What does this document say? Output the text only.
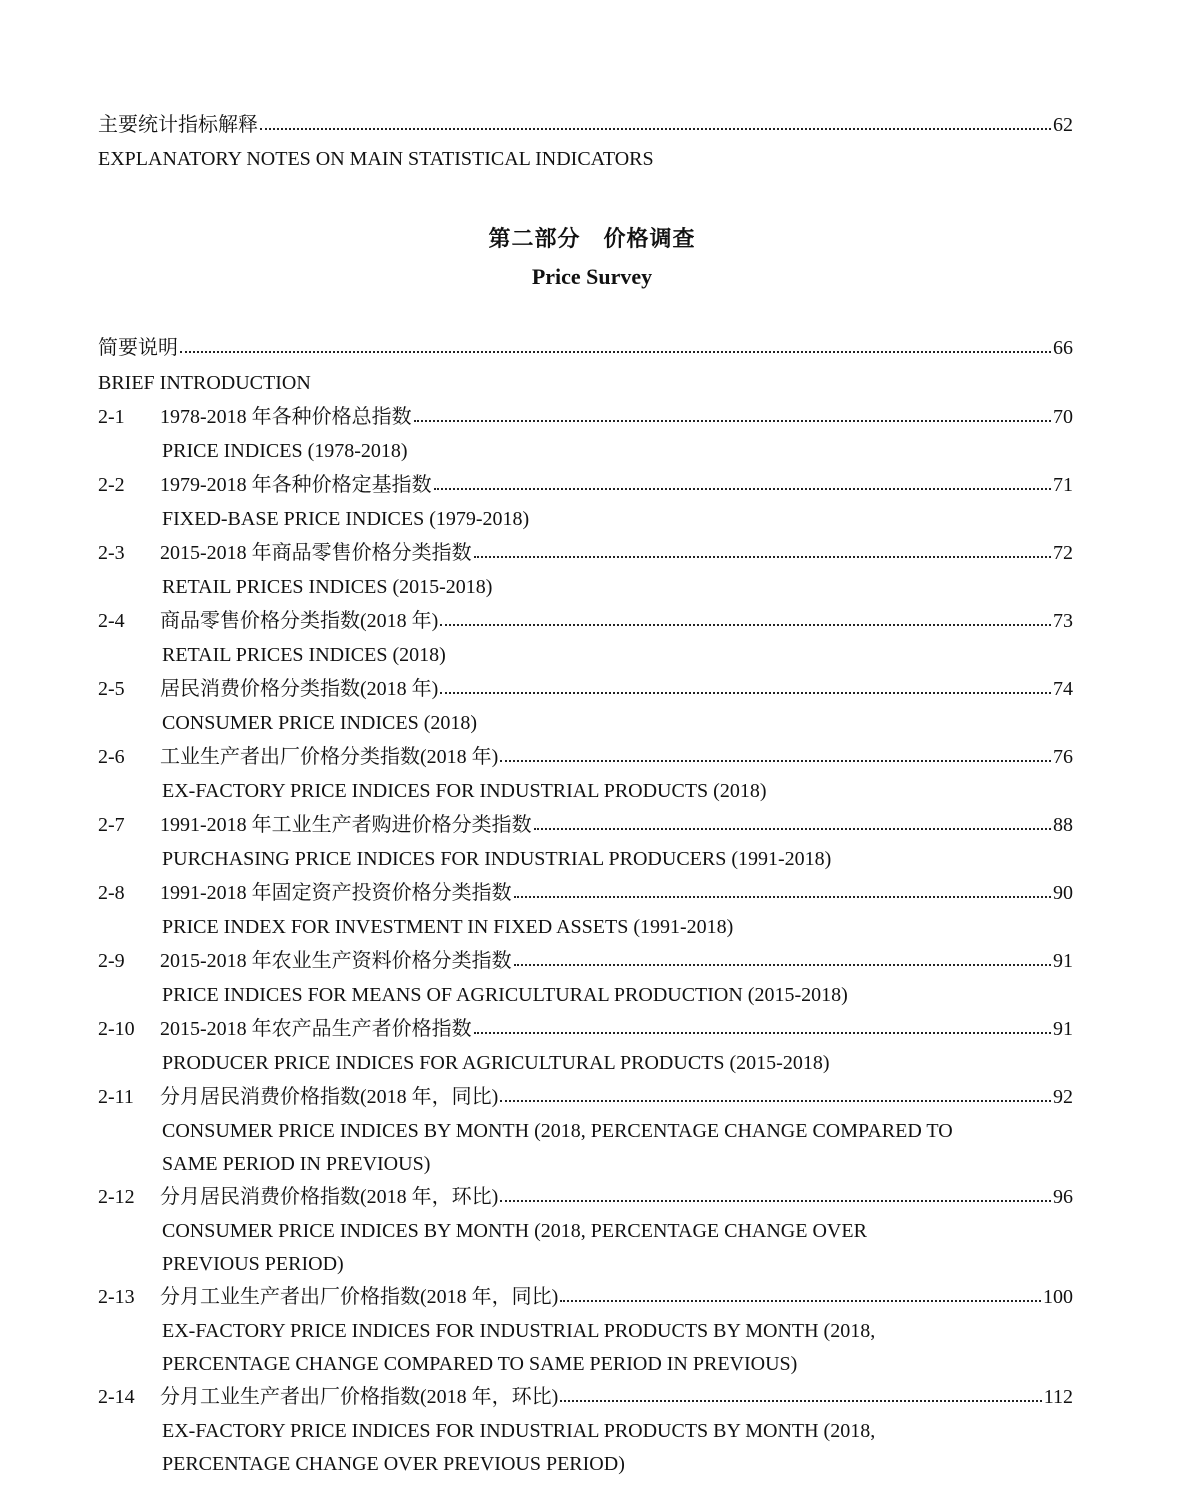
主要统计指标解释	62
EXPLANATORY NOTES ON MAIN STATISTICAL INDICATORS
第二部分　价格调查
Price Survey
简要说明	66
BRIEF INTRODUCTION
2-1	1978-2018 年各种价格总指数	70
PRICE INDICES (1978-2018)
2-2	1979-2018 年各种价格定基指数	71
FIXED-BASE PRICE INDICES (1979-2018)
2-3	2015-2018 年商品零售价格分类指数	72
RETAIL PRICES INDICES (2015-2018)
2-4	商品零售价格分类指数(2018 年)	73
RETAIL PRICES INDICES (2018)
2-5	居民消费价格分类指数(2018 年)	74
CONSUMER PRICE INDICES (2018)
2-6	工业生产者出厂价格分类指数(2018 年)	76
EX-FACTORY PRICE INDICES FOR INDUSTRIAL PRODUCTS (2018)
2-7	1991-2018 年工业生产者购进价格分类指数	88
PURCHASING PRICE INDICES FOR INDUSTRIAL PRODUCERS (1991-2018)
2-8	1991-2018 年固定资产投资价格分类指数	90
PRICE INDEX FOR INVESTMENT IN FIXED ASSETS (1991-2018)
2-9	2015-2018 年农业生产资料价格分类指数	91
PRICE INDICES FOR MEANS OF AGRICULTURAL PRODUCTION (2015-2018)
2-10	2015-2018 年农产品生产者价格指数	91
PRODUCER PRICE INDICES FOR AGRICULTURAL PRODUCTS (2015-2018)
2-11	分月居民消费价格指数(2018 年，同比)	92
CONSUMER PRICE INDICES BY MONTH (2018, PERCENTAGE CHANGE COMPARED TO
SAME PERIOD IN PREVIOUS)
2-12	分月居民消费价格指数(2018 年，环比)	96
CONSUMER PRICE INDICES BY MONTH (2018, PERCENTAGE CHANGE OVER
PREVIOUS PERIOD)
2-13	分月工业生产者出厂价格指数(2018 年，同比)	100
EX-FACTORY PRICE INDICES FOR INDUSTRIAL PRODUCTS BY MONTH (2018,
PERCENTAGE CHANGE COMPARED TO SAME PERIOD IN PREVIOUS)
2-14	分月工业生产者出厂价格指数(2018 年，环比)	112
EX-FACTORY PRICE INDICES FOR INDUSTRIAL PRODUCTS BY MONTH (2018,
PERCENTAGE CHANGE OVER PREVIOUS PERIOD)
